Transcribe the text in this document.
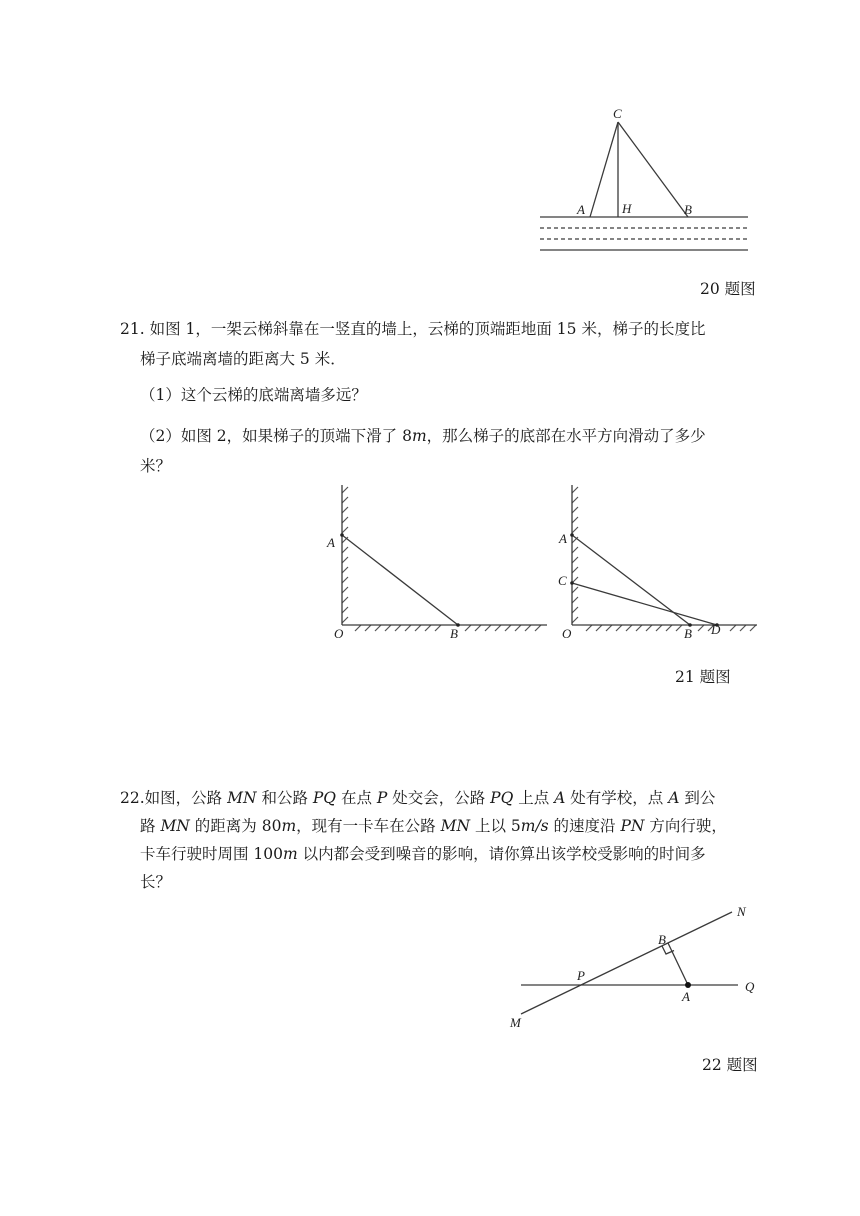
C
A	H	B
20 题图
21. 如图 1，一架云梯斜靠在一竖直的墙上，云梯的顶端距地面 15 米，梯子的长度比
梯子底端离墙的距离大 5 米．
（1）这个云梯的底端离墙多远？
（2）如图 2，如果梯子的顶端下滑了 8m，那么梯子的底部在水平方向滑动了多少
米？
A
O	B
A
C
O	B D
21 题图
22.如图，公路 MN 和公路 PQ 在点 P 处交会，公路 PQ 上点 A 处有学校，点 A 到公
路 MN 的距离为 80m，现有一卡车在公路 MN 上以 5m/s 的速度沿 PN 方向行驶，
卡车行驶时周围 100m 以内都会受到噪音的影响，请你算出该学校受影响的时间多
长？
N
B
P
A
Q
M
22 题图
